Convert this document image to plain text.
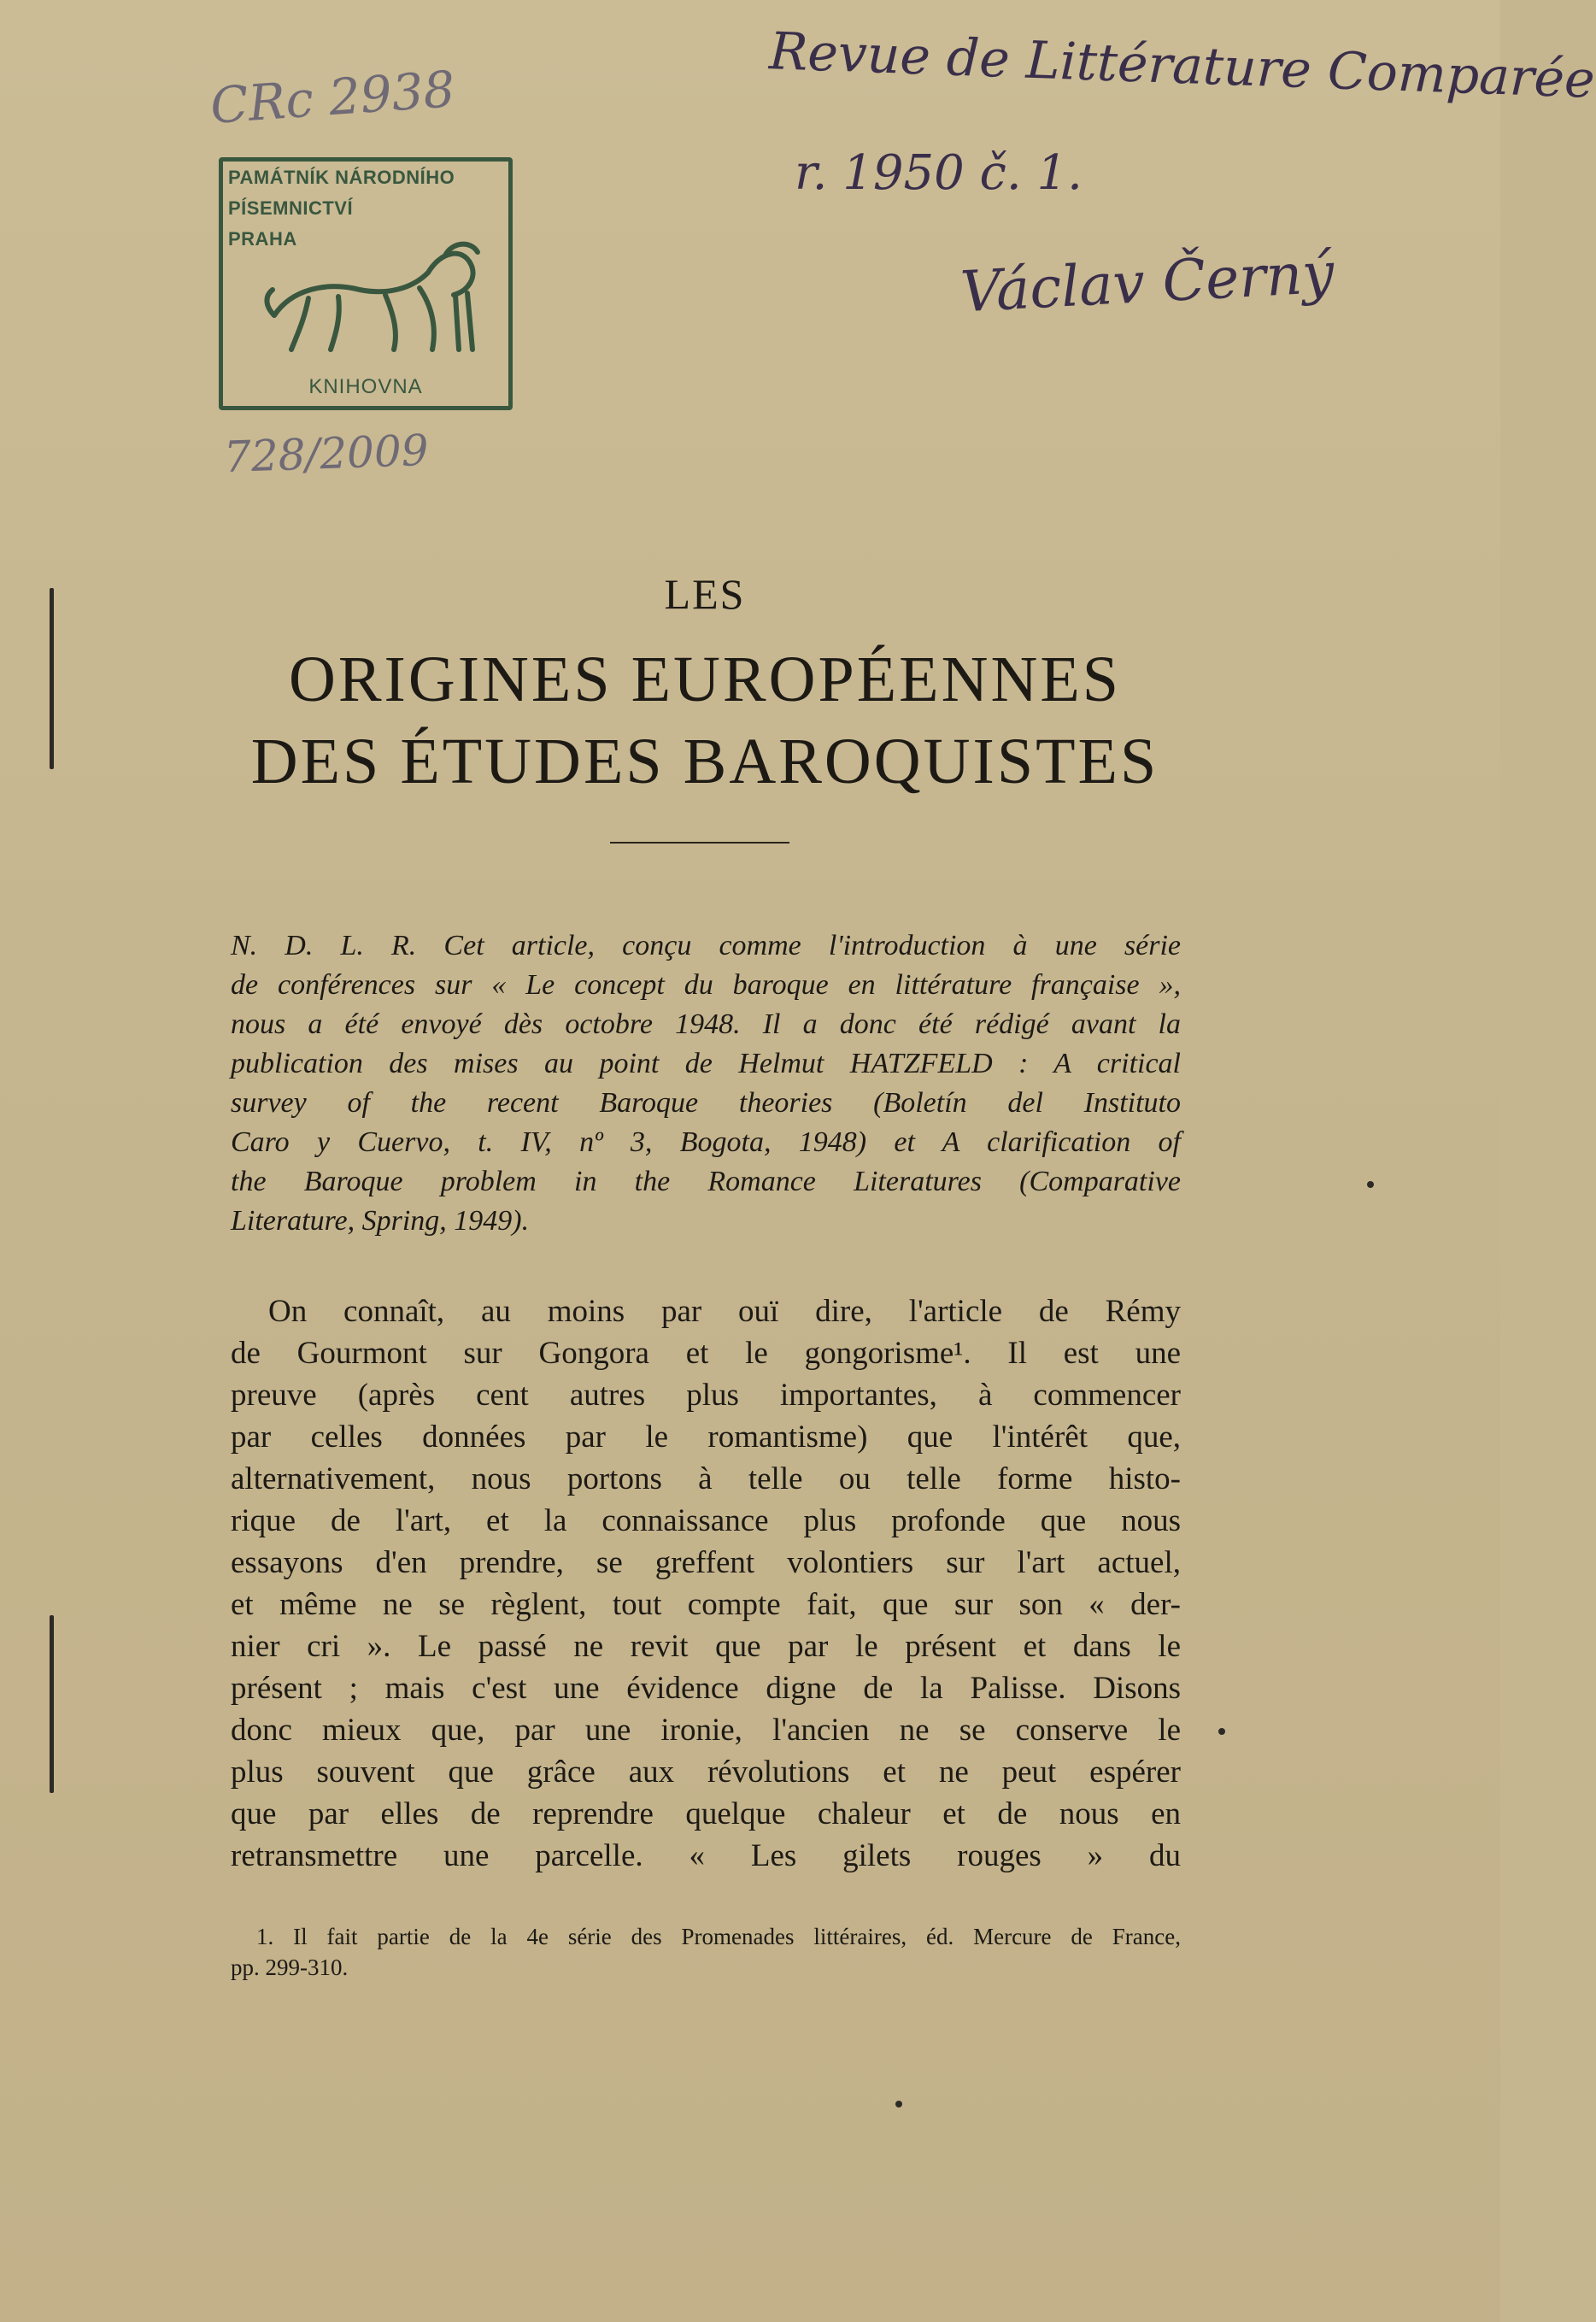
CRc 2938	Revue de Littérature Comparée
r. 1950 č. 1.
Václav Černý
728/2009
PAMÁTNÍK NÁRODNÍHO
PÍSEMNICTVÍ
PRAHA
KNIHOVNA
LES
ORIGINES EUROPÉENNES
DES ÉTUDES BAROQUISTES
N. D. L. R. Cet article, conçu comme l'introduction à une série
de conférences sur « Le concept du baroque en littérature française »,
nous a été envoyé dès octobre 1948. Il a donc été rédigé avant la
publication des mises au point de Helmut HATZFELD : A critical
survey of the recent Baroque theories (Boletín del Instituto
Caro y Cuervo, t. IV, nº 3, Bogota, 1948) et A clarification of
the Baroque problem in the Romance Literatures (Comparative
Literature, Spring, 1949).
On connaît, au moins par ouï dire, l'article de Rémy
de Gourmont sur Gongora et le gongorisme¹. Il est une
preuve (après cent autres plus importantes, à commencer
par celles données par le romantisme) que l'intérêt que,
alternativement, nous portons à telle ou telle forme histo-
rique de l'art, et la connaissance plus profonde que nous
essayons d'en prendre, se greffent volontiers sur l'art actuel,
et même ne se règlent, tout compte fait, que sur son « der-
nier cri ». Le passé ne revit que par le présent et dans le
présent ; mais c'est une évidence digne de la Palisse. Disons
donc mieux que, par une ironie, l'ancien ne se conserve le
plus souvent que grâce aux révolutions et ne peut espérer
que par elles de reprendre quelque chaleur et de nous en
retransmettre une parcelle. « Les gilets rouges » du
1. Il fait partie de la 4e série des Promenades littéraires, éd. Mercure de France,
pp. 299-310.
